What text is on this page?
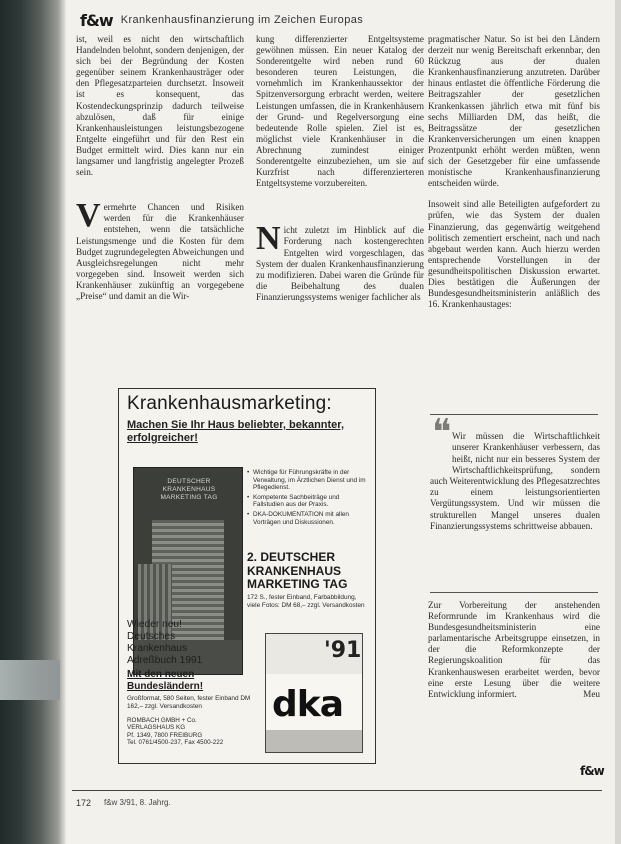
f&w Krankenhausfinanzierung im Zeichen Europas

ist, weil es nicht den wirtschaftlich Handelnden belohnt, sondern denjenigen, der sich bei der Begründung der Kosten gegenüber seinem Krankenhausträger oder den Pflegesatzparteien durchsetzt. Insoweit ist es konsequent, das Kostendeckungsprinzip dadurch teilweise abzulösen, daß für einige Krankenhausleistungen leistungsbezogene Entgelte eingeführt und für den Rest ein Budget ermittelt wird. Dies kann nur ein langsamer und langfristig angelegter Prozeß sein.

Vermehrte Chancen und Risiken werden für die Krankenhäuser entstehen, wenn die tatsächliche Leistungsmenge und die Kosten für dem Budget zugrundegelegten Abweichungen und Ausgleichsregelungen nicht mehr vorgegeben sind. Insoweit werden sich Krankenhäuser zukünftig an vorgegebene „Preise“ und damit an die Wir-

kung differenzierter Entgeltsysteme gewöhnen müssen. Ein neuer Katalog der Sonderentgelte wird neben rund 60 besonderen teuren Leistungen, die vornehmlich im Krankenhaussektor der Spitzenversorgung erbracht werden, weitere Leistungen umfassen, die in Krankenhäusern der Grund- und Regelversorgung eine bedeutende Rolle spielen. Ziel ist es, möglichst viele Krankenhäuser in die Abrechnung zumindest einiger Sonderentgelte einzubeziehen, um sie auf Kurzfrist nach differenzierteren Entgeltsysteme vorzubereiten.

Nicht zuletzt im Hinblick auf die Forderung nach kostengerechten Entgelten wird vorgeschlagen, das System der dualen Krankenhausfinanzierung zu modifizieren. Dabei waren die Gründe für die Beibehaltung des dualen Finanzierungssystems weniger fachlicher als

pragmatischer Natur. So ist bei den Ländern derzeit nur wenig Bereitschaft erkennbar, den Rückzug aus der dualen Krankenhausfinanzierung anzutreten. Darüber hinaus entlastet die öffentliche Förderung die Beitragszahler der gesetzlichen Krankenkassen jährlich etwa mit fünf bis sechs Milliarden DM, das heißt, die Beitragssätze der gesetzlichen Krankenversicherungen um einen knappen Prozentpunkt erhöht werden müßten, wenn sich der Gesetzgeber für eine umfassende monistische Krankenhausfinanzierung entscheiden würde.

Insoweit sind alle Beteiligten aufgefordert zu prüfen, wie das System der dualen Finanzierung, das gegenwärtig weitgehend politisch zementiert erscheint, nach und nach abgebaut werden kann. Auch hierzu werden entsprechende Vorstellungen in der gesundheitspolitischen Diskussion erwartet. Dies bestätigen die Äußerungen der Bundesgesundheitsministerin anläßlich des 16. Krankenhaustages:

❝ Wir müssen die Wirtschaftlichkeit unserer Krankenhäuser verbessern, das heißt, nicht nur ein besseres System der Wirtschaftlichkeitsprüfung, sondern auch Weiterentwicklung des Pflegesatzrechtes zu einem leistungsorientierten Vergütungssystem. Und wir müssen die strukturellen Mangel unseres dualen Finanzierungssystems schrittweise abbauen.

Zur Vorbereitung der anstehenden Reformrunde im Krankenhaus wird die Bundesgesundheitsministerin eine parlamentarische Arbeitsgruppe einsetzen, in der die Reformkonzepte der Regierungskoalition für das Krankenhauswesen erarbeitet werden, bevor eine erste Lesung über die weitere Entwicklung informiert.	Meu
Krankenhausmarketing:
Machen Sie Ihr Haus beliebter, bekannter, erfolgreicher!
DEUTSCHER KRANKENHAUS MARKETING TAG
• Wichtige für Führungskräfte in der Verwaltung, im Ärztlichen Dienst und im Pflegedienst.
• Kompetente Sachbeiträge und Fallstudien aus der Praxis.
• DKA-DOKUMENTATION mit allen Vorträgen und Diskussionen.
2. DEUTSCHER
KRANKENHAUS
MARKETING TAG
172 S., fester Einband, Farbabbildung, viele Fotos: DM 68,– zzgl. Versandkosten
Wieder neu!
Deutsches
Krankenhaus
Adreßbuch 1991
Mit den neuen
Bundesländern!
Großformat, 580 Seiten, fester Einband DM 162,– zzgl. Versandkosten
ROMBACH GMBH + Co.
VERLAGSHAUS KG
Pf. 1349, 7800 FREIBURG
Tel. 0761/4500-237, Fax 4500-222
'91
dka
f&w
172 f&w 3/91, 8. Jahrg.
